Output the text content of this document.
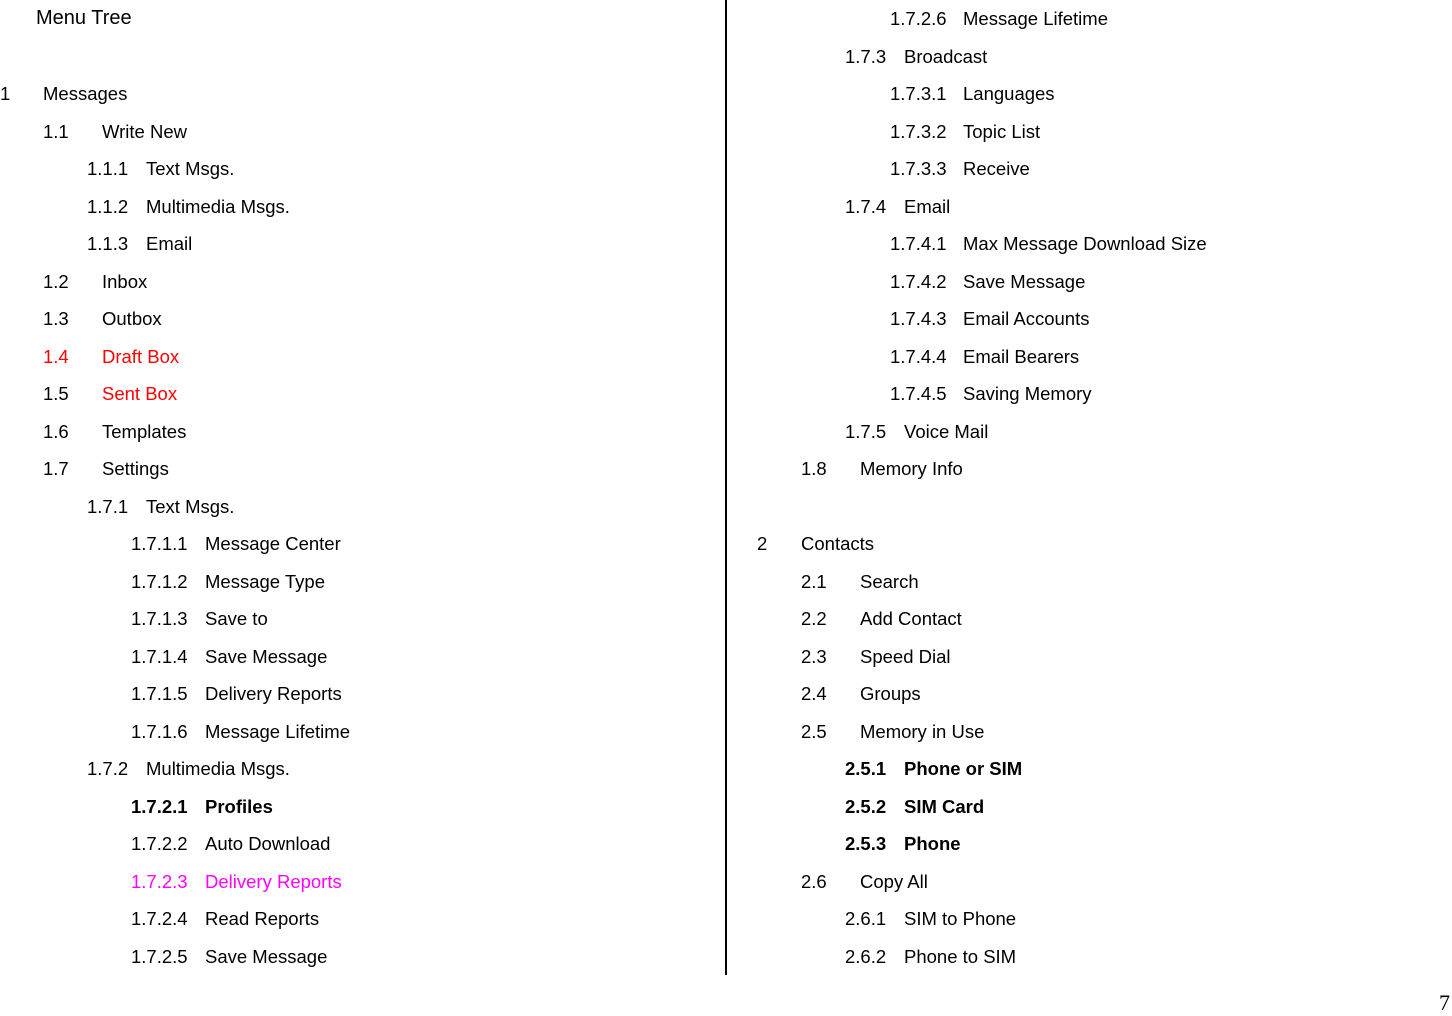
Menu Tree
1 Messages
1.1 Write New
1.1.1 Text Msgs.
1.1.2 Multimedia Msgs.
1.1.3 Email
1.2 Inbox
1.3 Outbox
1.4 Draft Box
1.5 Sent Box
1.6 Templates
1.7 Settings
1.7.1 Text Msgs.
1.7.1.1 Message Center
1.7.1.2 Message Type
1.7.1.3 Save to
1.7.1.4 Save Message
1.7.1.5 Delivery Reports
1.7.1.6 Message Lifetime
1.7.2 Multimedia Msgs.
1.7.2.1 Profiles
1.7.2.2 Auto Download
1.7.2.3 Delivery Reports
1.7.2.4 Read Reports
1.7.2.5 Save Message
1.7.2.6 Message Lifetime
1.7.3 Broadcast
1.7.3.1 Languages
1.7.3.2 Topic List
1.7.3.3 Receive
1.7.4 Email
1.7.4.1 Max Message Download Size
1.7.4.2 Save Message
1.7.4.3 Email Accounts
1.7.4.4 Email Bearers
1.7.4.5 Saving Memory
1.7.5 Voice Mail
1.8 Memory Info
2 Contacts
2.1 Search
2.2 Add Contact
2.3 Speed Dial
2.4 Groups
2.5 Memory in Use
2.5.1 Phone or SIM
2.5.2 SIM Card
2.5.3 Phone
2.6 Copy All
2.6.1 SIM to Phone
2.6.2 Phone to SIM
7
